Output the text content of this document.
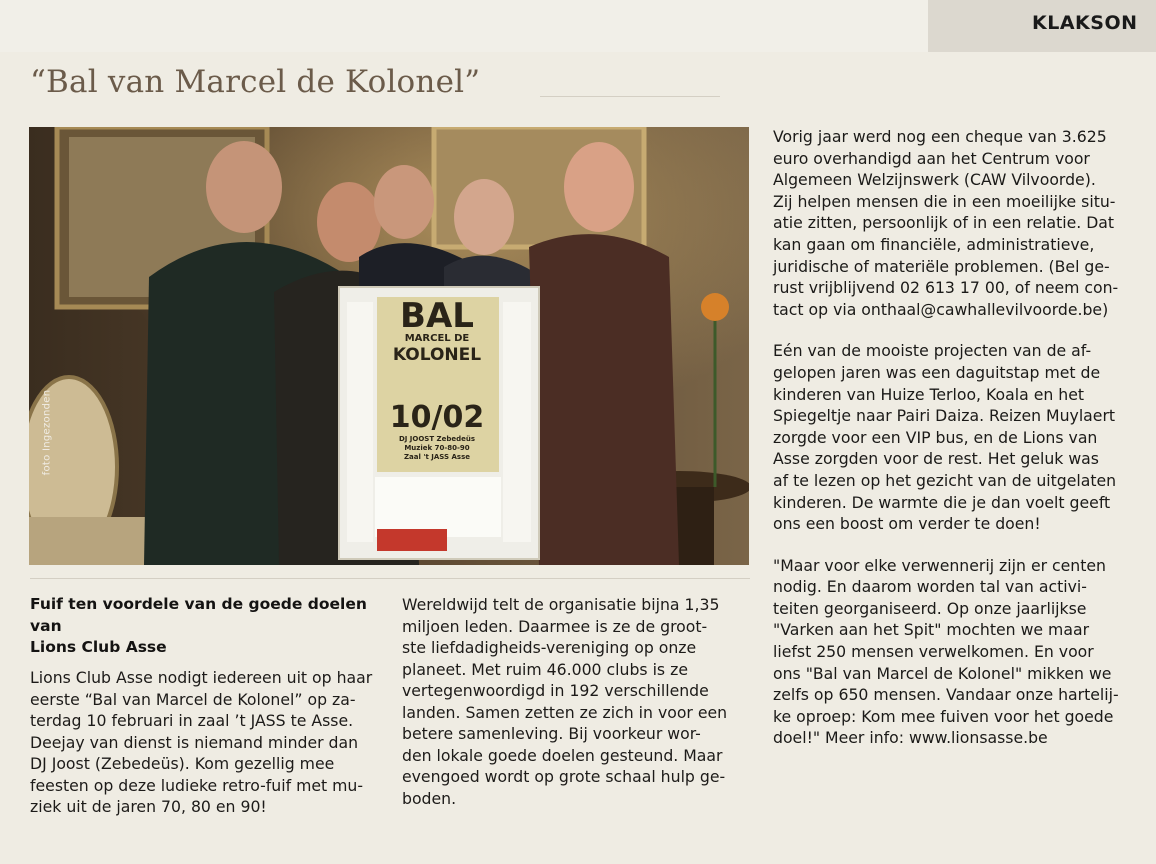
KLAKSON
“Bal van Marcel de Kolonel”
foto Ingezonden
BAL
MARCEL DE
KOLONEL
10/02
DJ JOOST Zebedeüs
Muziek 70-80-90
Zaal 't JASS Asse
Fuif ten voordele van de goede doelen van
Lions Club Asse
Lions Club Asse nodigt iedereen uit op haar
eerste “Bal van Marcel de Kolonel” op za-
terdag 10 februari in zaal ’t JASS te Asse.
Deejay van dienst is niemand minder dan
DJ Joost (Zebedeüs). Kom gezellig mee
feesten op deze ludieke retro-fuif met mu-
ziek uit de jaren 70, 80 en 90!
Wereldwijd telt de organisatie bijna 1,35
miljoen leden. Daarmee is ze de groot-
ste liefdadigheids-vereniging op onze
planeet. Met ruim 46.000 clubs is ze
vertegenwoordigd in 192 verschillende
landen. Samen zetten ze zich in voor een
betere samenleving. Bij voorkeur wor-
den lokale goede doelen gesteund. Maar
evengoed wordt op grote schaal hulp ge-
boden.

Vorig jaar werd nog een cheque van 3.625
euro overhandigd aan het Centrum voor
Algemeen Welzijnswerk (CAW Vilvoorde).
Zij helpen mensen die in een moeilijke situ-
atie zitten, persoonlijk of in een relatie. Dat
kan gaan om financiële, administratieve,
juridische of materiële problemen. (Bel ge-
rust vrijblijvend 02 613 17 00, of neem con-
tact op via onthaal@cawhallevilvoorde.be)

Eén van de mooiste projecten van de af-
gelopen jaren was een daguitstap met de
kinderen van Huize Terloo, Koala en het
Spiegeltje naar Pairi Daiza. Reizen Muylaert
zorgde voor een VIP bus, en de Lions van
Asse zorgden voor de rest. Het geluk was
af te lezen op het gezicht van de uitgelaten
kinderen. De warmte die je dan voelt geeft
ons een boost om verder te doen!

"Maar voor elke verwennerij zijn er centen
nodig. En daarom worden tal van activi-
teiten georganiseerd. Op onze jaarlijkse
"Varken aan het Spit" mochten we maar
liefst 250 mensen verwelkomen. En voor
ons "Bal van Marcel de Kolonel" mikken we
zelfs op 650 mensen. Vandaar onze hartelij-
ke oproep: Kom mee fuiven voor het goede
doel!" Meer info: www.lionsasse.be
